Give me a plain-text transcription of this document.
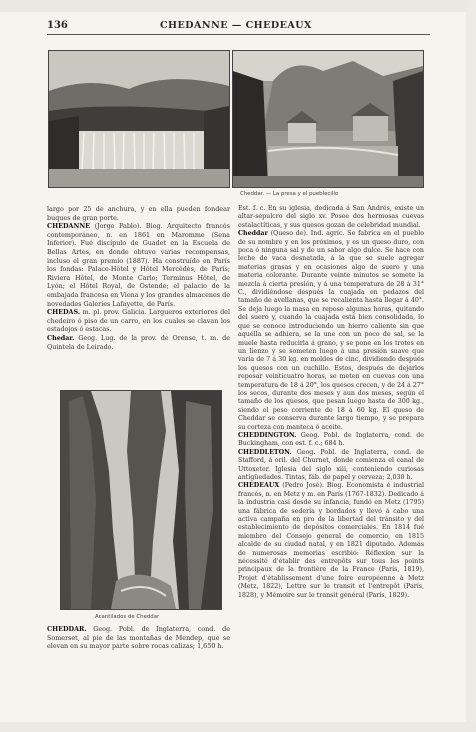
136	CHEDANNE — CHEDEAUX
Cheddar. — La presa y el pueblecillo

largo por 25 de anchura, y en ella pueden fondear buques de gran porte.

CHEDANNE (Jorge Pablo). Biog. Arquitecto francés contemporáneo, n. en 1861 en Maromme (Sena Inferior). Fué discípulo de Guadet en la Escuela de Bellas Artes, en donde obtuvo varias recompensas, incluso el gran premio (1887). Ha construído en París los fondas: Palace-Hôtel y Hôtel Mercédès, de París; Riviera Hôtel, de Monte Carlo; Terminus Hôtel, de Lyón; el Hôtel Royal, de Ostende; el palacio de la embajada francesa en Viena y los grandes almacenes de novedades Galeries Lafayette, de París.

CHEDAS. m. pl. prov. Galicia. Largueros exteriores del chedeiro ó piso de un carro, en los cuales se clavan los estadojos ó estacas.

Chedar. Geog. Lug. de la prov. de Orense, t. m. de Quintela de Leirado.

Acantilados de Cheddar

CHEDDAR. Geog. Pobl. de Inglaterra, cond. de Somerset, al pie de las montañas de Mendep, que se elevan en su mayor parte sobre rocas calizas; 1,650 h.

Est. f. c. En su iglesia, dedicada á San Andrés, existe un altar-sepulcro del siglo xv. Posee dos hermosas cuevas estalactíticas, y sus quesos gozan de celebridad mundial.

Cheddar (Queso de). Ind. agríc. Se fabrica en el pueblo de su nombre y en los próximos, y es un queso duro, con poca ó ninguna sal y de un sabor algo dulce. Se hace con leche de vaca desnatada, á la que se suele agregar materias grasas y en ocasiones algo de suero y una materia colorante. Durante veinte minutos se somete la mezcla á cierta presión, y á una temperatura de 28 á 31° C., dividiéndose después la cuajada en pedazos del tamaño de avellanas, que se recalienta hasta llegar á 40°. Se deja luego la masa en reposo algunas horas, quitando del suero y, cuando la cuajada está bien consolidada, lo que se conoce introduciendo un hierro caliente sin que aquélla se adhiera, se la une con un poco de sal, se la muele hasta reducirla á grano, y se pone en los trotes en un lienzo y se someten luego á una presión suave que varía de 7 á 30 kg. en moldes de cinc, dividiendo después los quesos con un cuchillo. Estos, después de dejarlos reposar veinticuatro horas, se meten en cuevas con una temperatura de 18 á 20°, los quesos crecen, y de 24 á 27° los secos, durante dos meses y aun dos meses, según el tamaño de los quesos, que pesan luego hasta de 300 kg., siendo el peso corriente de 18 á 60 kg. El queso de Cheddar se conserva durante largo tiempo, y se prepara su corteza con manteca ó aceite.

CHEDDINGTON. Geog. Pobl. de Inglaterra, cond. de Buckingham, con est. f. c.; 684 h.

CHEDDLETON. Geog. Pobl. de Inglaterra, cond. de Stafford, á oril. del Churnet, donde comienza el canal de Uttoxeter. Iglesia del siglo xiii, conteniendo curiosas antigüedades. Tintas, fáb. de papel y cerveza; 2,030 h.

CHEDEAUX (Pedro José). Biog. Economista é industrial francés, n. en Metz y m. en París (1767-1832). Dedicado á la industria casi desde su infancia, fundó en Metz (1795) una fábrica de sedería y bordados y llevó á cabo una activa campaña en pro de la libertad del tránsito y del establecimiento de depósitos comerciales. En 1814 fué miembro del Consejo general de comercio, en 1815 alcalde de su ciudad natal, y en 1821 diputado. Además de numerosas memorias escribió: Réflexion sur la nécessité d'établir des entrepôts sur tous les points principaux de la frontière de la France (París, 1819), Projet d'établissement d'une foire européenne à Metz (Metz, 1822), Lettre sur le transit et l'entrepôt (París, 1828), y Mémoire sur le transit général (París, 1829).
